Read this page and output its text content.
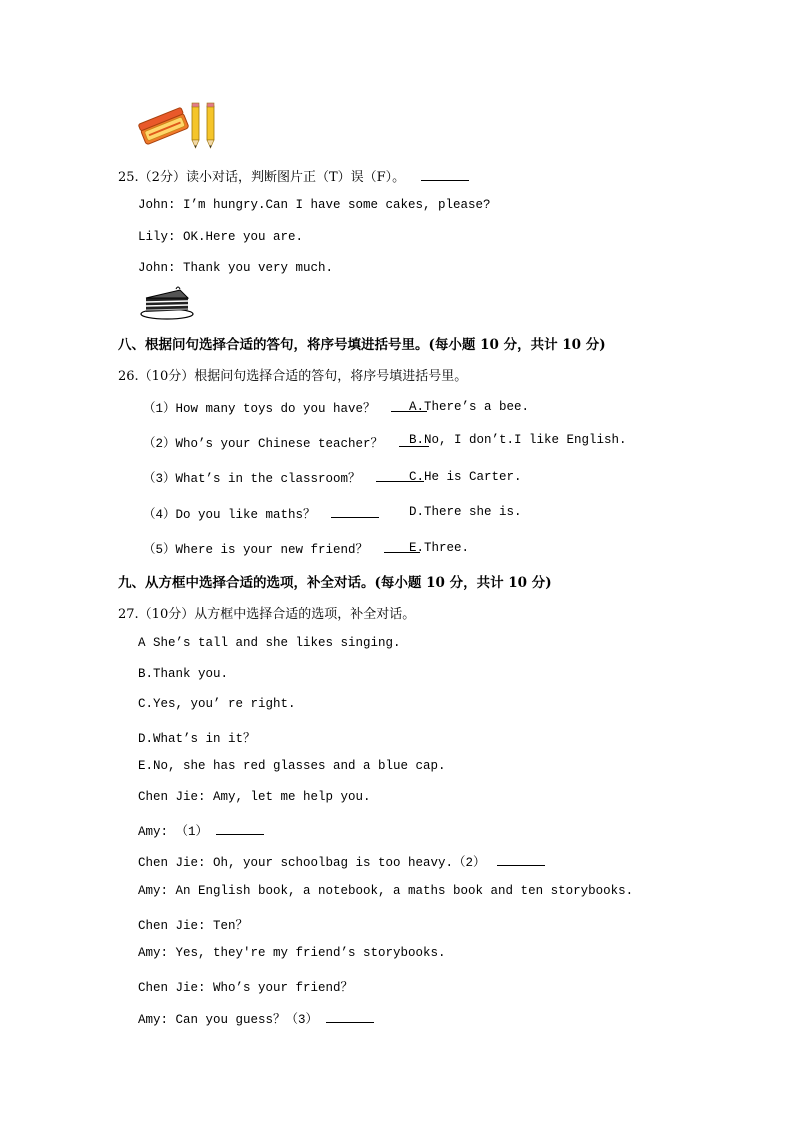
25.（2分）读小对话，判断图片正（T）误（F）。
John: I’m hungry.Can I have some cakes, please?
Lily: OK.Here you are.
John: Thank you very much.
八、根据问句选择合适的答句，将序号填进括号里。(每小题 10 分，共计 10 分)
26.（10分）根据问句选择合适的答句，将序号填进括号里。
（1）How many toys do you have？
（2）Who’s your Chinese teacher？
（3）What’s in the classroom？
（4）Do you like maths？
（5）Where is your new friend？
A.There’s a bee.
B.No, I don’t.I like English.
C.He is Carter.
D.There she is.
E.Three.
九、从方框中选择合适的选项，补全对话。(每小题 10 分，共计 10 分)
27.（10分）从方框中选择合适的选项，补全对话。
A She’s tall and she likes singing.
B.Thank you.
C.Yes, you’ re right.
D.What’s in it？
E.No, she has red glasses and a blue cap.
Chen Jie: Amy, let me help you.
Amy: （1）
Chen Jie: Oh, your schoolbag is too heavy.（2）
Amy: An English book, a notebook, a maths book and ten storybooks.
Chen Jie: Ten？
Amy: Yes, they're my friend’s storybooks.
Chen Jie: Who’s your friend？
Amy: Can you guess？（3）
